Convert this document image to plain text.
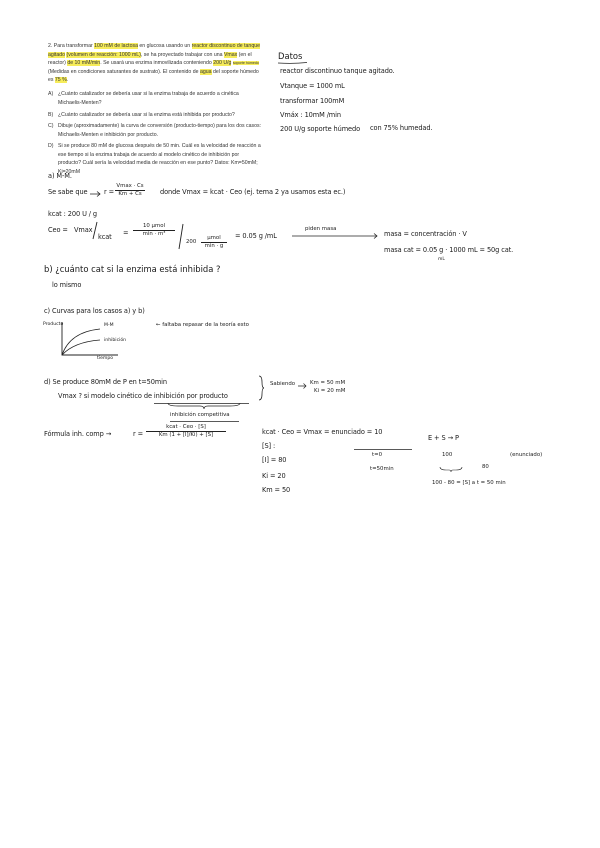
2. Para transformar 100 mM de lactosa en glucosa usando un reactor discontinuo de tanque agitado (volumen de reacción: 1000 mL), se ha proyectado trabajar con una Vmax (en el reactor) de 10 mM/min. Se usará una enzima inmovilizada conteniendo 200 U/g soporte húmedo (Medidas en condiciones saturantes de sustrato). El contenido de agua del soporte húmedo es 75 %.
A) ¿Cuánto catalizador se debería usar si la enzima trabaja de acuerdo a cinética Michaelis-Menten?
B) ¿Cuánto catalizador se debería usar si la enzima está inhibida por producto?
C) Dibuje (aproximadamente) la curva de conversión (producto-tiempo) para los dos casos: Michaelis-Menten e inhibición por producto.
D) Si se produce 80 mM de glucosa después de 50 min. Cuál es la velocidad de reacción a ese tiempo si la enzima trabaja de acuerdo al modelo cinético de inhibición por producto? Cuál sería la velocidad media de reacción en ese punto? Datos: Km=50mM; Ki=20mM
Datos
reactor discontinuo tanque agitado.
Vtanque = 1000 mL
transformar 100mM
Vmáx : 10mM /min
200 U/g soporte húmedo con 75% humedad.
a) M-M.
Se sabe que	r =
Vmax · Cs
Km + Cs	donde Vmax = kcat · Ceo (ej. tema 2 ya usamos esta ec.)
kcat : 200 U / g
Ceo = Vmax
kcat =
10 µmol
min · m³
200
µmol
min · g
= 0.05 g /mL
piden masa
masa = concentración · V
masa cat = 0.05 g · 1000 mL = 50g cat.
mL
b) ¿cuánto cat si la enzima está inhibida ?
lo mismo
c) Curvas para los casos a) y b)
Producto	M-M
inhibición
tiempo
← faltaba repasar de la teoría esto
d) Se produce 80mM de P en t=50min
Vmax ? si modelo cinético de inhibición por producto
Sabiendo	Km = 50 mM
Ki = 20 mM
inhibición competitiva
Fórmula inh. comp →	r =
kcat · Ceo · [S]
Km (1 + [I]/Ki) + [S]	kcat · Ceo = Vmax = enunciado = 10
[S] :
[I] = 80
Ki = 20
Km = 50
E + S → P
t=0	100	(enunciado)
t=50min	80
100 - 80 = [S] a t = 50 min
